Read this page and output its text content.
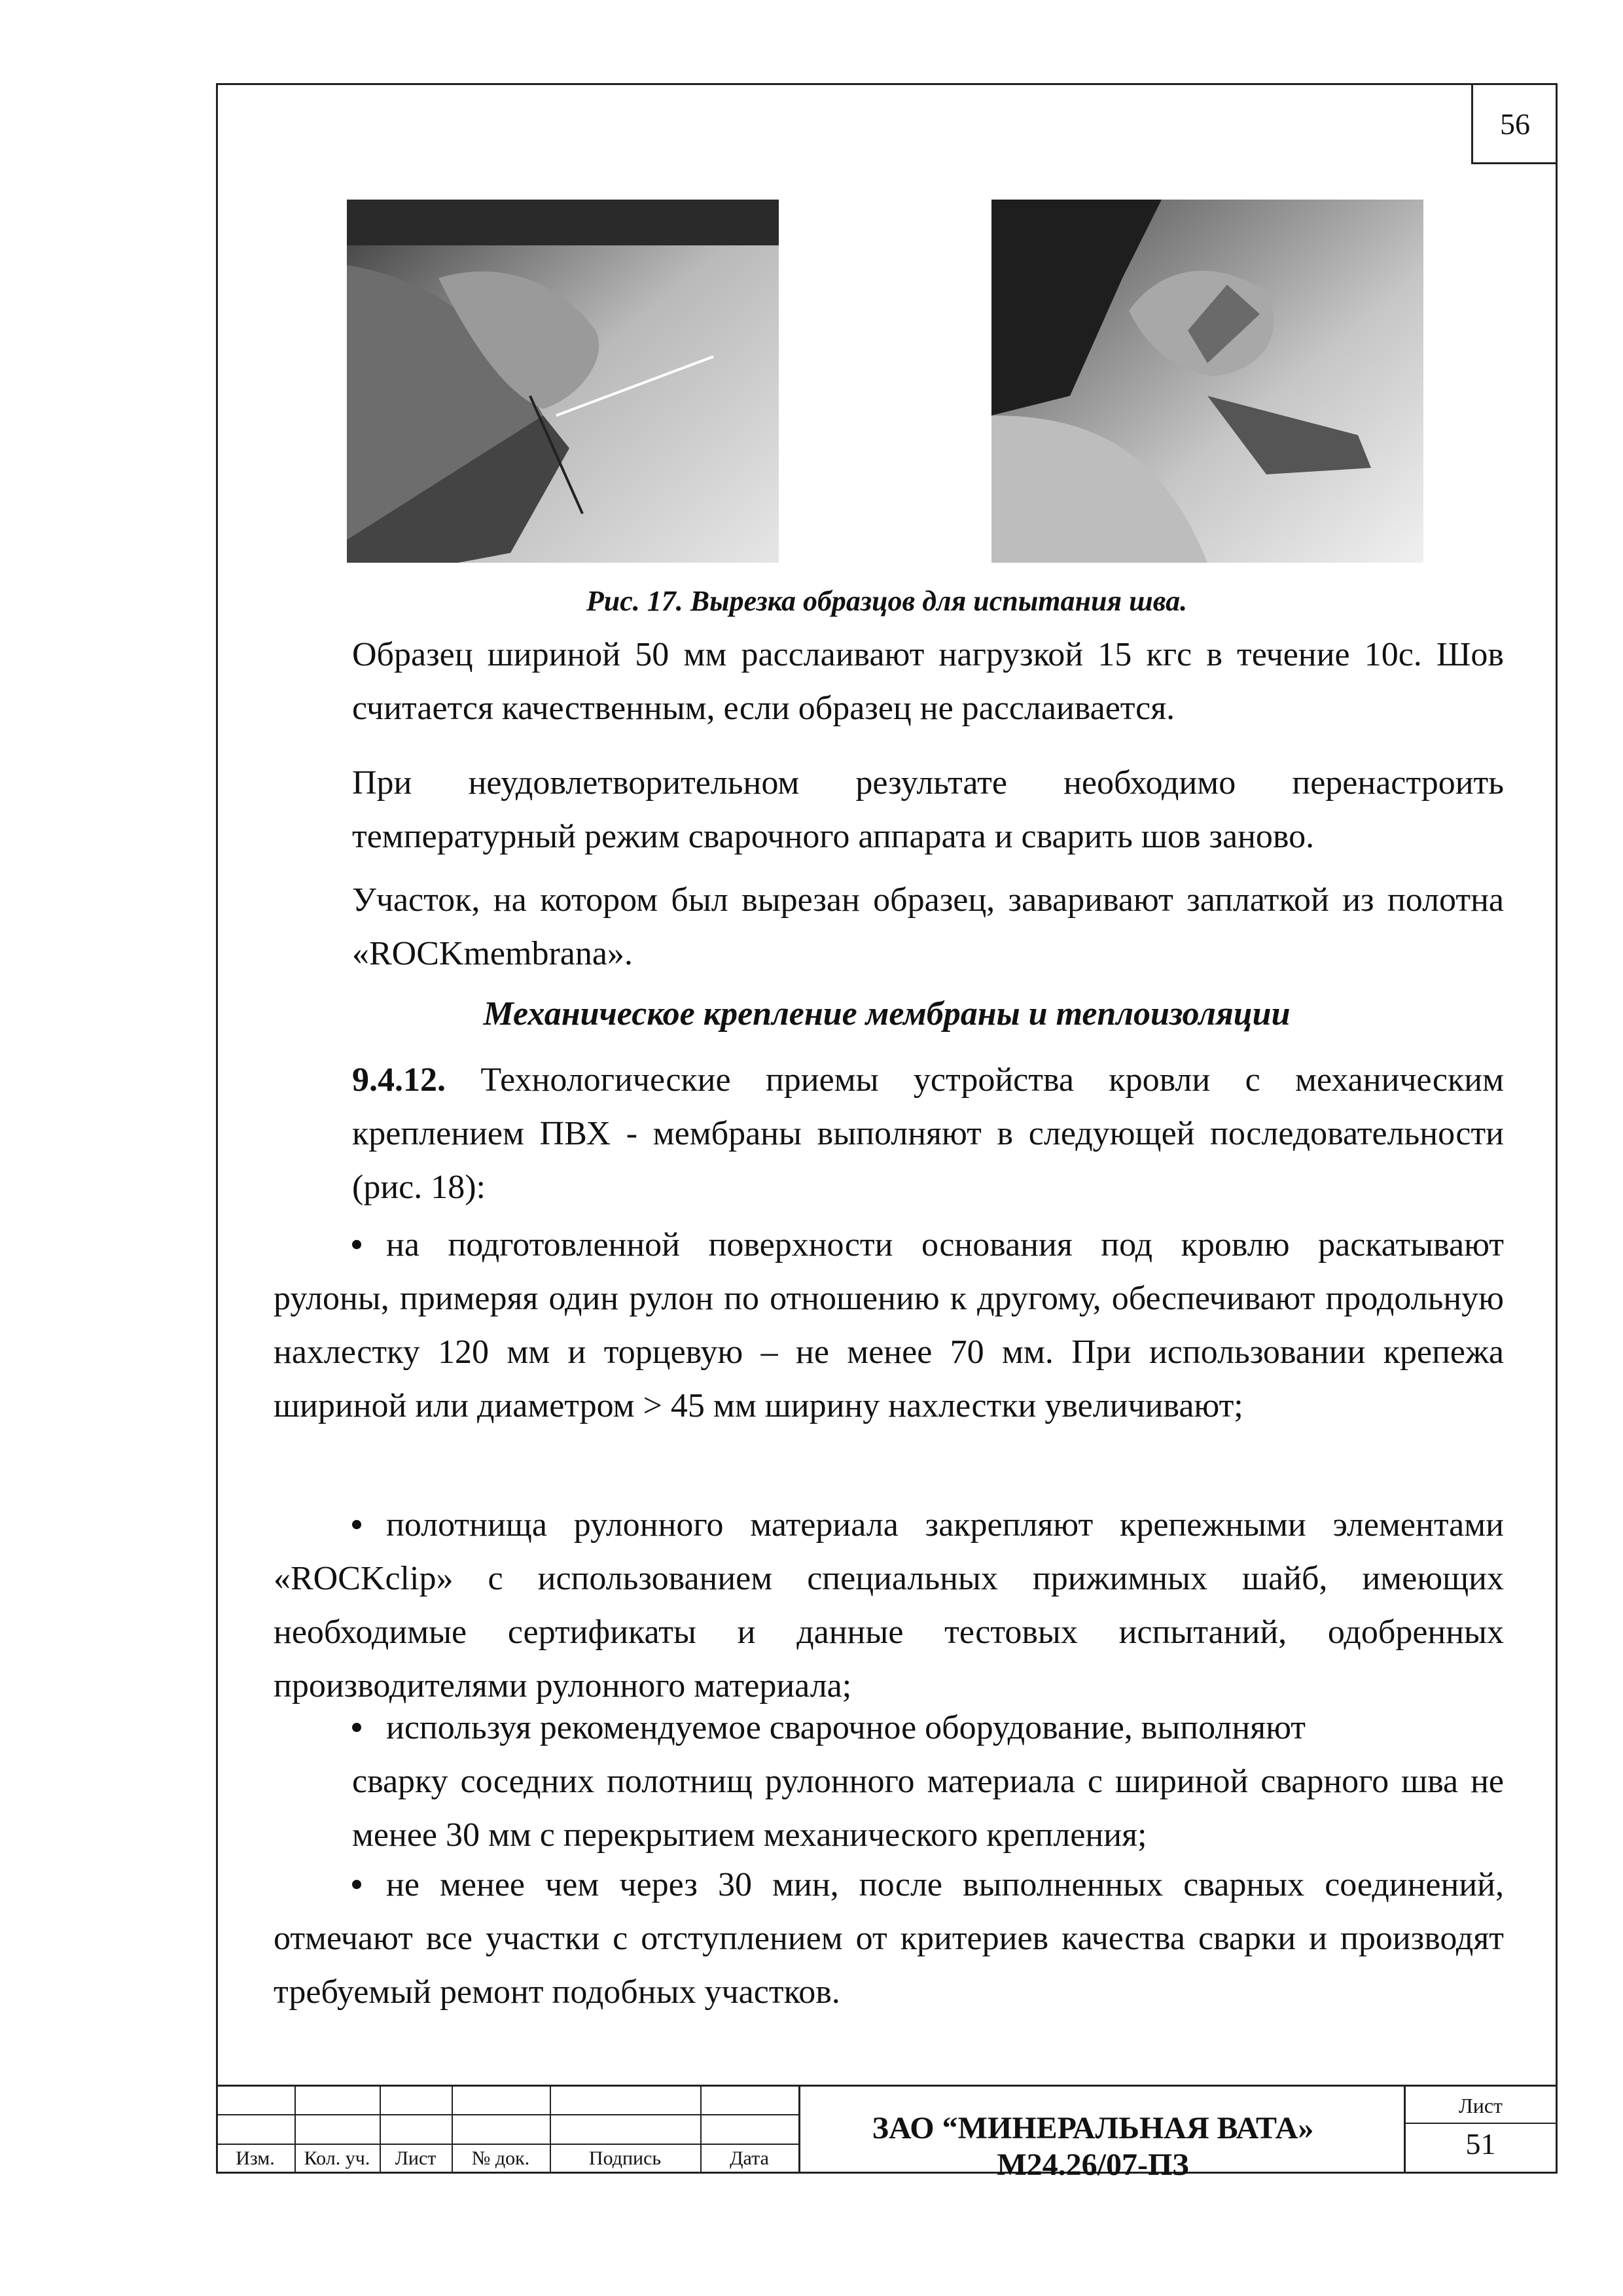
56
Рис. 17. Вырезка образцов для испытания шва.
Образец шириной 50 мм расслаивают нагрузкой 15 кгс в течение 10с. Шов считается качественным, если образец не расслаивается.
При неудовлетворительном результате необходимо перенастроить температурный режим сварочного аппарата и сварить шов заново.
Участок, на котором был вырезан образец, заваривают заплаткой из полотна «ROCKmembrana».
Механическое крепление мембраны и теплоизоляции
9.4.12. Технологические приемы устройства кровли с механическим креплением ПВХ - мембраны выполняют в следующей последовательности (рис. 18):
на подготовленной поверхности основания под кровлю раскатывают рулоны, примеряя один рулон по отношению к другому, обеспечивают продольную нахлестку 120 мм и торцевую – не менее 70 мм. При использовании крепежа шириной или диаметром > 45 мм ширину нахлестки увеличивают;
полотнища рулонного материала закрепляют крепежными элементами «ROCKclip» с использованием специальных прижимных шайб, имеющих необходимые сертификаты и данные тестовых испытаний, одобренных производителями рулонного материала;
используя рекомендуемое сварочное оборудование, выполняют
сварку соседних полотнищ рулонного материала с шириной сварного шва не менее 30 мм с перекрытием механического крепления;
не менее чем через 30 мин, после выполненных сварных соединений, отмечают все участки с отступлением от критериев качества сварки и производят требуемый ремонт подобных участков.
Изм.	Кол. уч.	Лист	№ док.	Подпись	Дата
ЗАО “МИНЕРАЛЬНАЯ ВАТА»
М24.26/07-ПЗ
Лист
51
